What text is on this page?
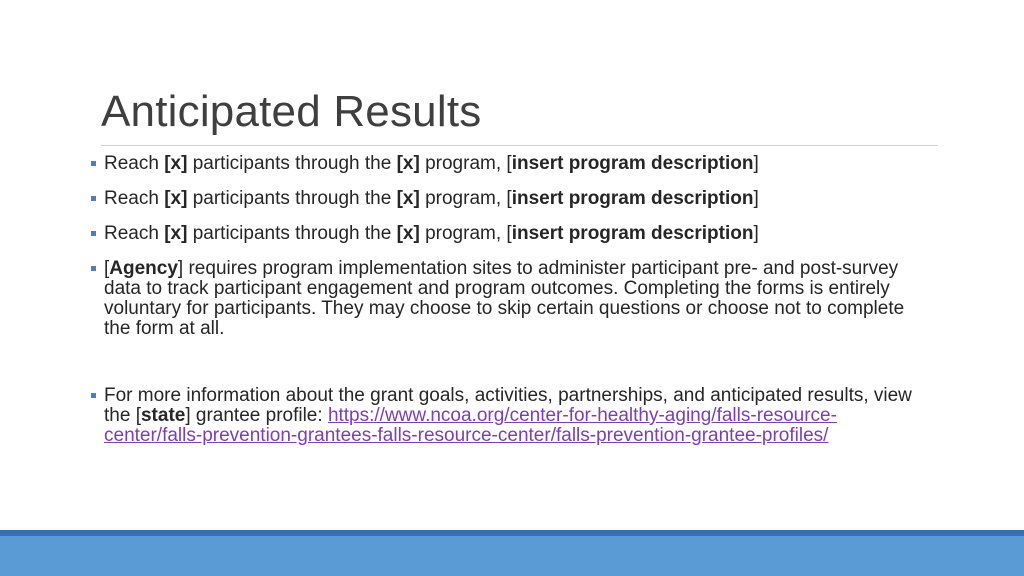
Anticipated Results
Reach [x] participants through the [x] program, [insert program description]
Reach [x] participants through the [x] program, [insert program description]
Reach [x] participants through the [x] program, [insert program description]
[Agency] requires program implementation sites to administer participant pre- and post-survey data to track participant engagement and program outcomes. Completing the forms is entirely voluntary for participants. They may choose to skip certain questions or choose not to complete the form at all.
For more information about the grant goals, activities, partnerships, and anticipated results, view the [state] grantee profile: https://www.ncoa.org/center-for-healthy-aging/falls-resource-center/falls-prevention-grantees-falls-resource-center/falls-prevention-grantee-profiles/
